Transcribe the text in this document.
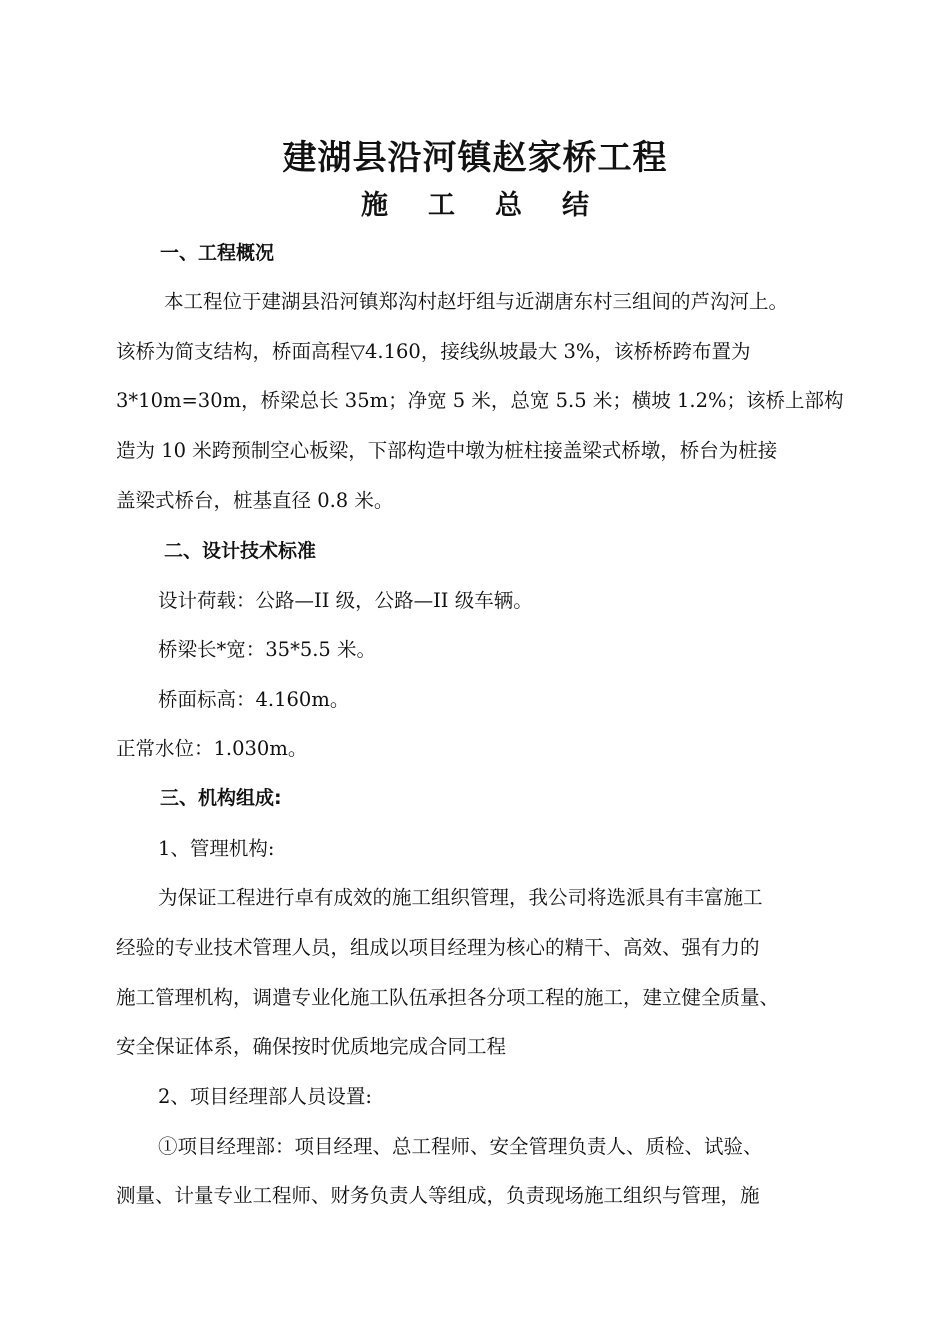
建湖县沿河镇赵家桥工程
施工总结
一、工程概况
本工程位于建湖县沿河镇郑沟村赵圩组与近湖唐东村三组间的芦沟河上。
该桥为简支结构，桥面高程▽4.160，接线纵坡最大 3%，该桥桥跨布置为
3*10m=30m，桥梁总长 35m；净宽 5 米，总宽 5.5 米；横坡 1.2%；该桥上部构
造为 10 米跨预制空心板梁，下部构造中墩为桩柱接盖梁式桥墩，桥台为桩接
盖梁式桥台，桩基直径 0.8 米。
二、设计技术标准
设计荷载：公路—II 级，公路—II 级车辆。
桥梁长*宽：35*5.5 米。
桥面标高：4.160m。
正常水位：1.030m。
三、机构组成:
1、管理机构:
为保证工程进行卓有成效的施工组织管理，我公司将选派具有丰富施工
经验的专业技术管理人员，组成以项目经理为核心的精干、高效、强有力的
施工管理机构，调遣专业化施工队伍承担各分项工程的施工，建立健全质量、
安全保证体系，确保按时优质地完成合同工程
2、项目经理部人员设置:
①项目经理部：项目经理、总工程师、安全管理负责人、质检、试验、
测量、计量专业工程师、财务负责人等组成，负责现场施工组织与管理，施
